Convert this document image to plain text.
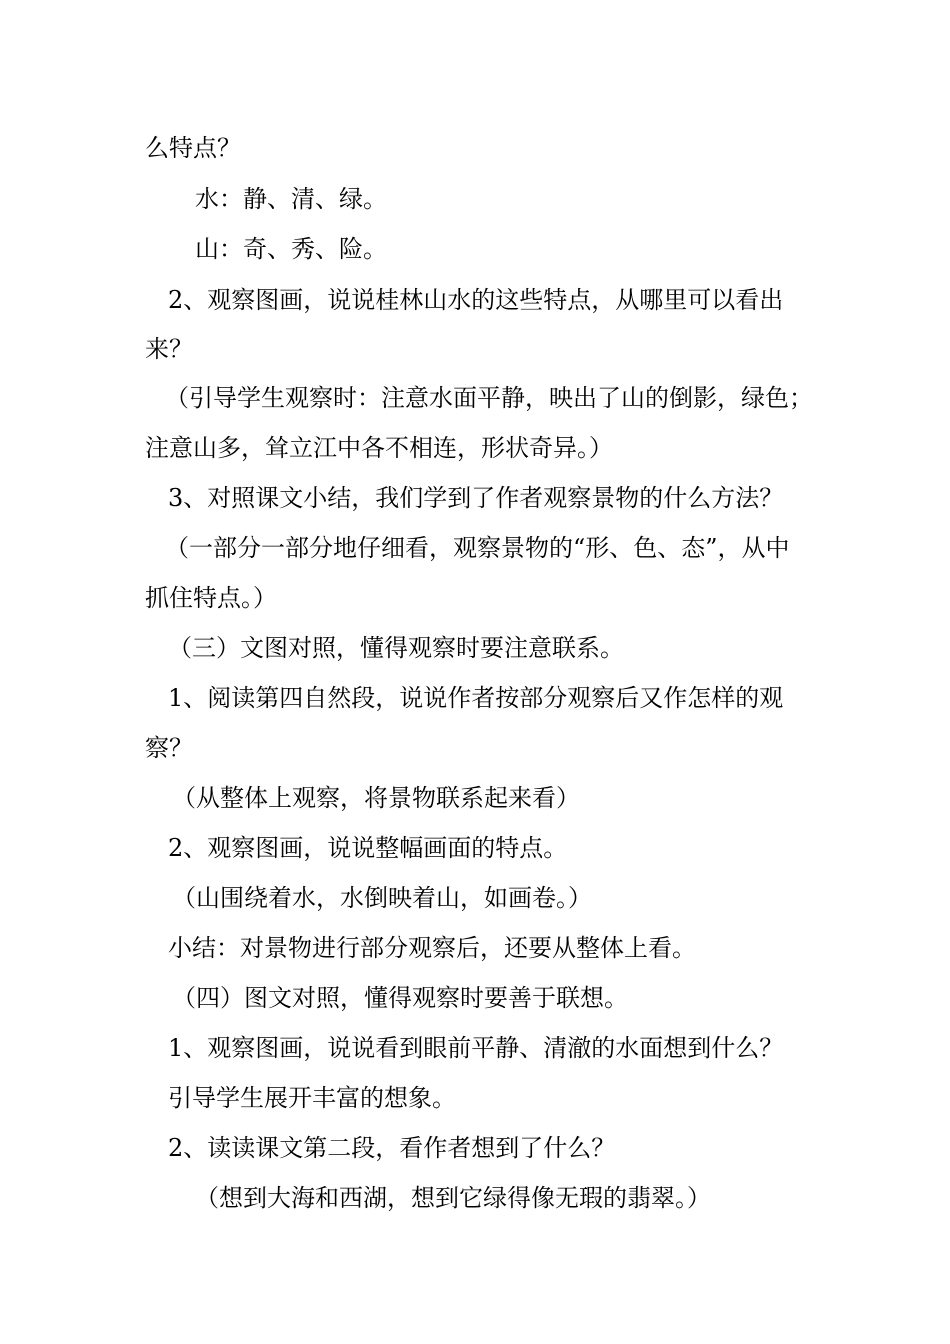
么特点？
水：静、清、绿。
山：奇、秀、险。
2、观察图画，说说桂林山水的这些特点，从哪里可以看出
来？
（引导学生观察时：注意水面平静，映出了山的倒影，绿色；
注意山多，耸立江中各不相连，形状奇异。）
3、对照课文小结，我们学到了作者观察景物的什么方法？
（一部分一部分地仔细看，观察景物的“形、色、态”，从中
抓住特点。）
（三）文图对照，懂得观察时要注意联系。
1、阅读第四自然段，说说作者按部分观察后又作怎样的观
察？
（从整体上观察，将景物联系起来看）
2、观察图画，说说整幅画面的特点。
（山围绕着水，水倒映着山，如画卷。）
小结：对景物进行部分观察后，还要从整体上看。
（四）图文对照，懂得观察时要善于联想。
1、观察图画，说说看到眼前平静、清澈的水面想到什么？
引导学生展开丰富的想象。
2、读读课文第二段，看作者想到了什么？
（想到大海和西湖，想到它绿得像无瑕的翡翠。）
